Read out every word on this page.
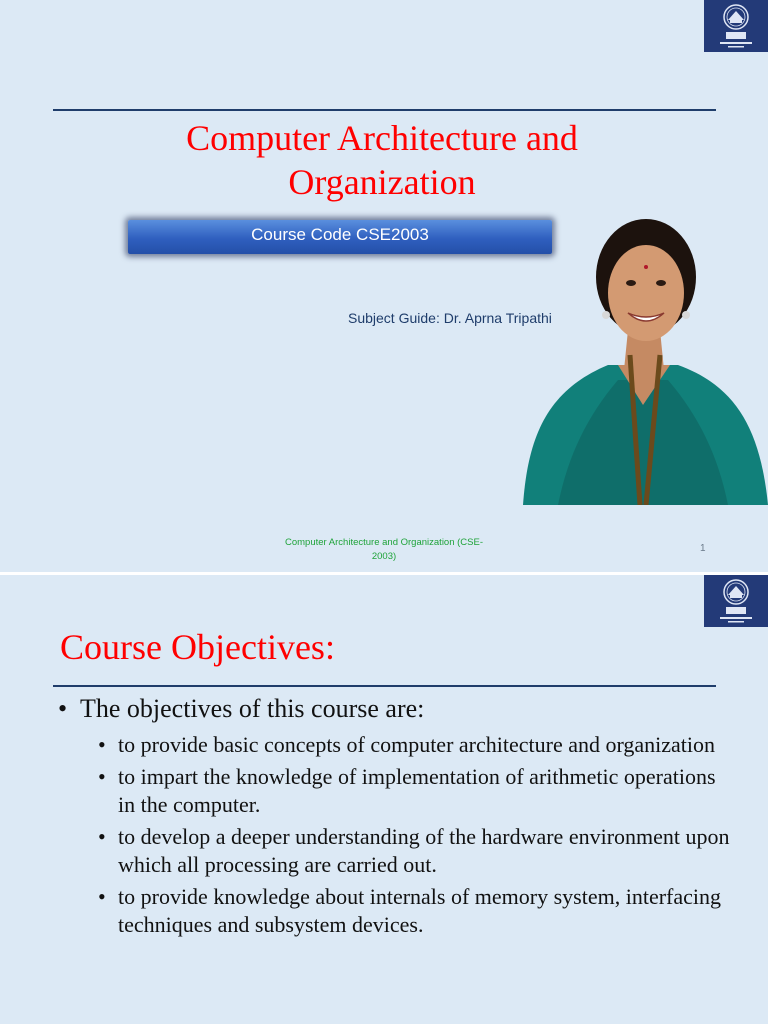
Computer Architecture and
Organization
Course Code CSE2003
Subject Guide: Dr. Aprna Tripathi
Computer Architecture and Organization (CSE-
2003)
1
Course Objectives:
• The objectives of this course are:
• to provide basic concepts of computer architecture and organization
• to impart the knowledge of implementation of arithmetic operations in the computer.
• to develop a deeper understanding of the hardware environment upon which all processing are carried out.
• to provide knowledge about internals of memory system, interfacing techniques and subsystem devices.
